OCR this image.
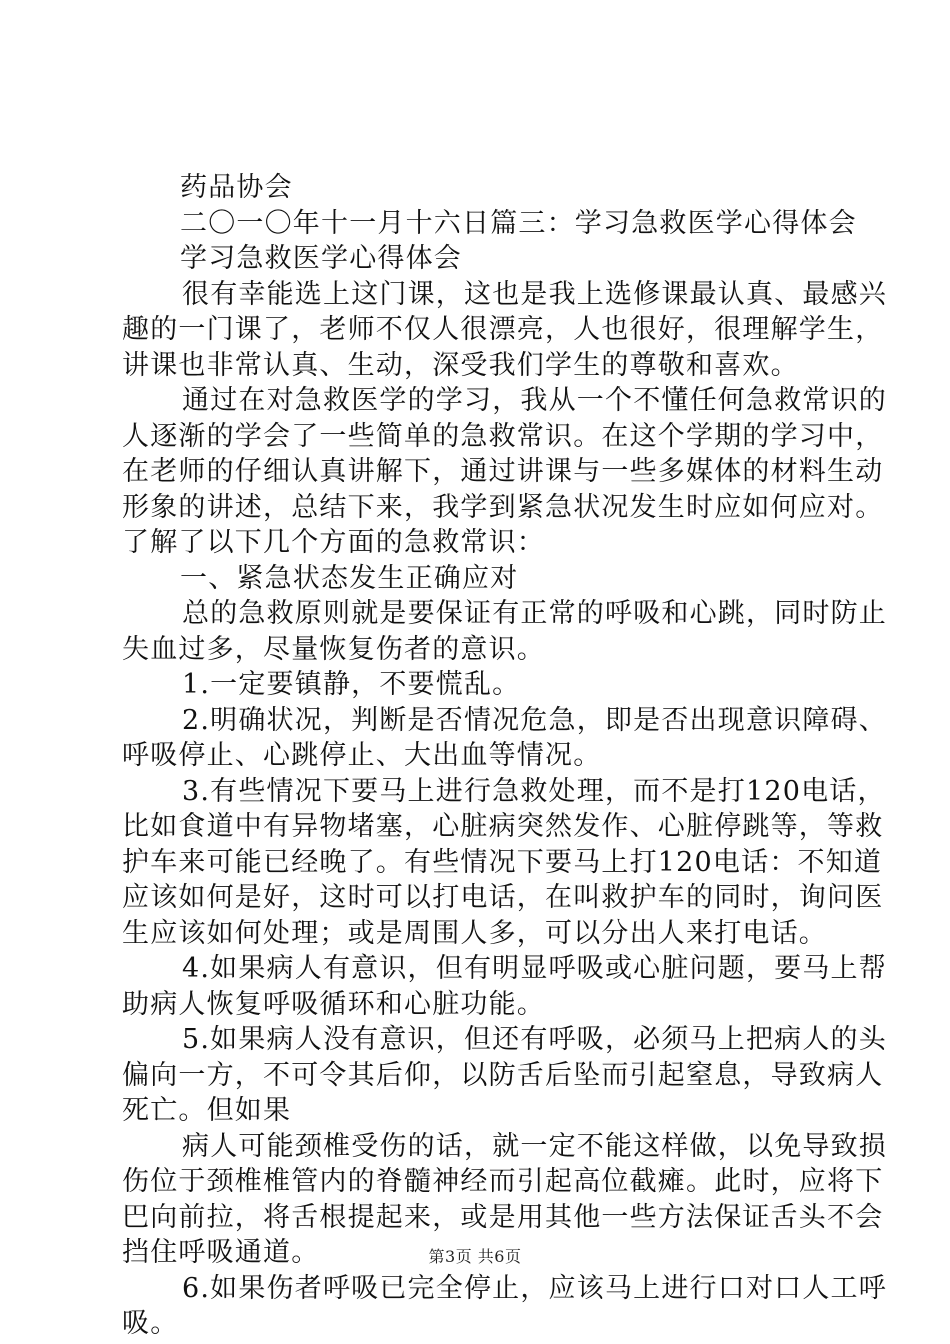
药品协会
二〇一〇年十一月十六日篇三：学习急救医学心得体会
学习急救医学心得体会
很有幸能选上这门课，这也是我上选修课最认真、最感兴
趣的一门课了，老师不仅人很漂亮，人也很好，很理解学生，
讲课也非常认真、生动，深受我们学生的尊敬和喜欢。
通过在对急救医学的学习，我从一个不懂任何急救常识的
人逐渐的学会了一些简单的急救常识。在这个学期的学习中，
在老师的仔细认真讲解下，通过讲课与一些多媒体的材料生动
形象的讲述，总结下来，我学到紧急状况发生时应如何应对。
了解了以下几个方面的急救常识：
一、紧急状态发生正确应对
总的急救原则就是要保证有正常的呼吸和心跳，同时防止
失血过多，尽量恢复伤者的意识。
1.一定要镇静，不要慌乱。
2.明确状况，判断是否情况危急，即是否出现意识障碍、
呼吸停止、心跳停止、大出血等情况。
3.有些情况下要马上进行急救处理，而不是打120电话，
比如食道中有异物堵塞，心脏病突然发作、心脏停跳等，等救
护车来可能已经晚了。有些情况下要马上打120电话：不知道
应该如何是好，这时可以打电话，在叫救护车的同时，询问医
生应该如何处理；或是周围人多，可以分出人来打电话。
4.如果病人有意识，但有明显呼吸或心脏问题，要马上帮
助病人恢复呼吸循环和心脏功能。
5.如果病人没有意识，但还有呼吸，必须马上把病人的头
偏向一方，不可令其后仰，以防舌后坠而引起窒息，导致病人
死亡。但如果
病人可能颈椎受伤的话，就一定不能这样做，以免导致损
伤位于颈椎椎管内的脊髓神经而引起高位截瘫。此时，应将下
巴向前拉，将舌根提起来，或是用其他一些方法保证舌头不会
挡住呼吸通道。
6.如果伤者呼吸已完全停止，应该马上进行口对口人工呼
吸。
第3页 共6页
